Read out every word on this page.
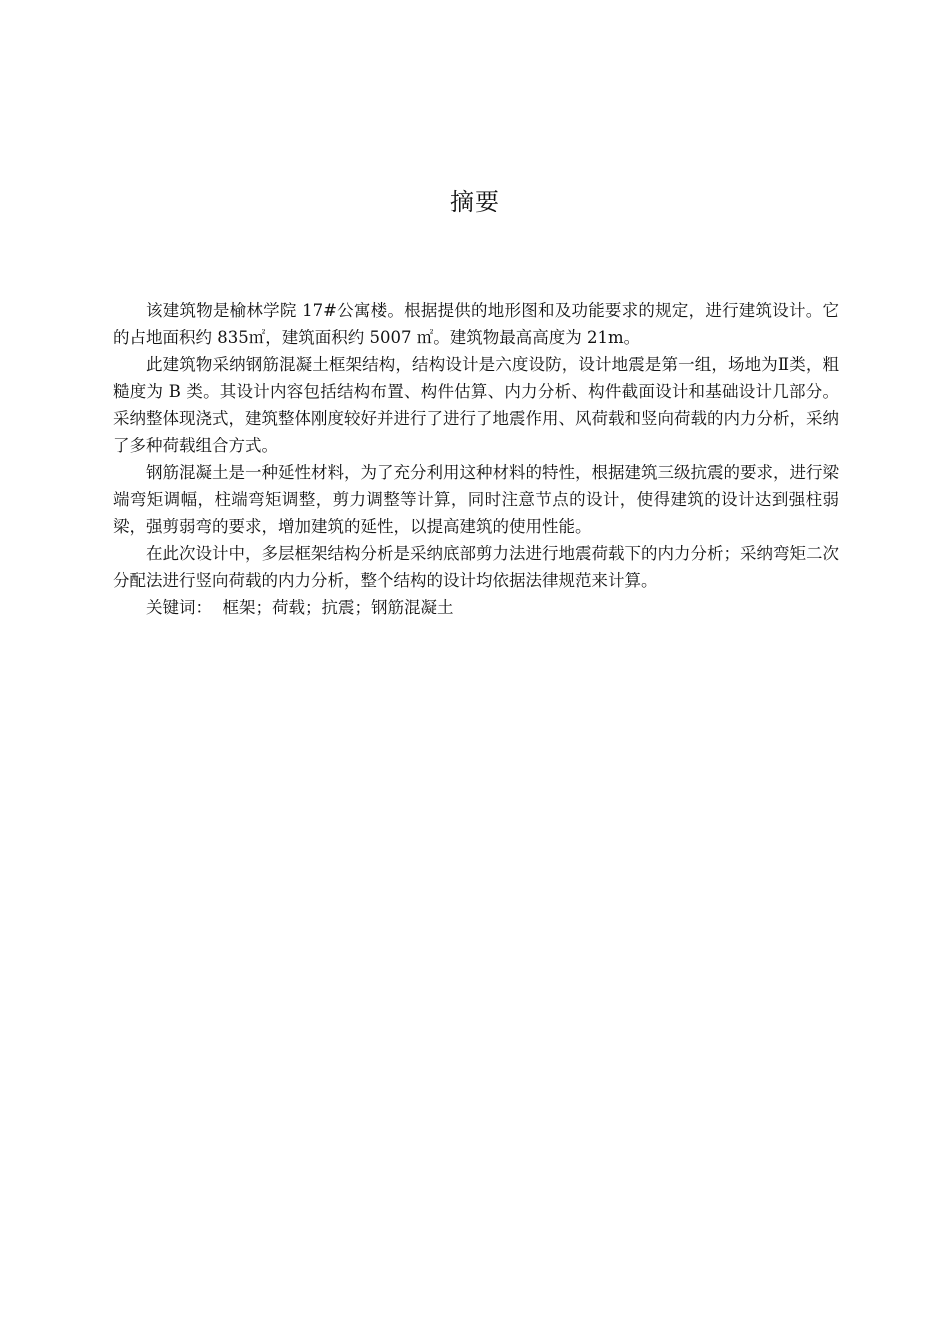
摘要

该建筑物是榆林学院 17#公寓楼。根据提供的地形图和及功能要求的规定，进行建筑设计。它的占地面积约 835㎡，建筑面积约 5007 ㎡。建筑物最高高度为 21m。

此建筑物采纳钢筋混凝土框架结构，结构设计是六度设防，设计地震是第一组，场地为Ⅱ类，粗糙度为 B 类。其设计内容包括结构布置、构件估算、内力分析、构件截面设计和基础设计几部分。采纳整体现浇式，建筑整体刚度较好并进行了进行了地震作用、风荷载和竖向荷载的内力分析，采纳了多种荷载组合方式。

钢筋混凝土是一种延性材料，为了充分利用这种材料的特性，根据建筑三级抗震的要求，进行梁端弯矩调幅，柱端弯矩调整，剪力调整等计算，同时注意节点的设计，使得建筑的设计达到强柱弱梁，强剪弱弯的要求，增加建筑的延性，以提高建筑的使用性能。

在此次设计中，多层框架结构分析是采纳底部剪力法进行地震荷载下的内力分析；采纳弯矩二次分配法进行竖向荷载的内力分析，整个结构的设计均依据法律规范来计算。

关键词： 框架；荷载；抗震；钢筋混凝土
